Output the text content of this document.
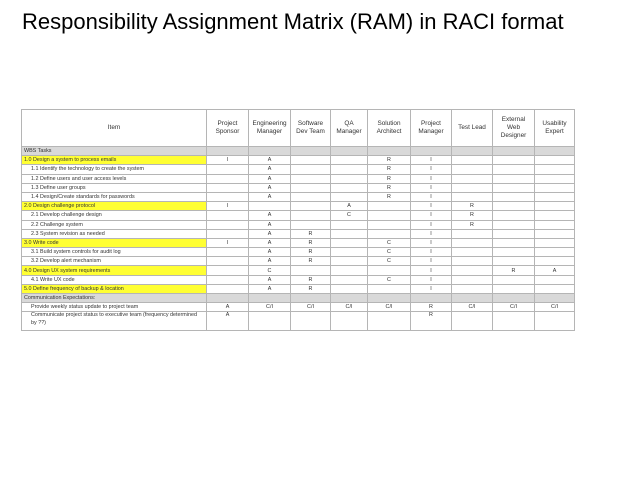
Responsibility Assignment Matrix (RAM) in RACI format
Item	Project Sponsor	Engineering Manager	Software Dev Team	QA Manager	Solution Architect	Project Manager	Test Lead	External Web Designer	Usability Expert
WBS Tasks									
1.0 Design a system to process emails	I	A			R	I			
1.1 Identify the technology to create the system		A			R	I			
1.2 Define users and user access levels		A			R	I			
1.3 Define user groups		A			R	I			
1.4 Design/Create standards for passwords		A			R	I			
2.0 Design challenge protocol	I			A		I	R		
2.1 Develop challenge design		A		C		I	R		
2.2 Challenge system		A				I	R		
2.3 System revision as needed		A	R			I			
3.0 Write code	I	A	R		C	I			
3.1 Build system controls for audit log		A	R		C	I			
3.2 Develop alert mechanism		A	R		C	I			
4.0 Design UX system requirements		C				I		R	A
4.1 Write UX code		A	R		C	I			
5.0 Define frequency of backup & location		A	R			I			
Communication Expectations:									
Provide weekly status update to project team	A	C/I	C/I	C/I	C/I	R	C/I	C/I	C/I
Communicate project status to executive team (frequency determined by ??)	A					R			
